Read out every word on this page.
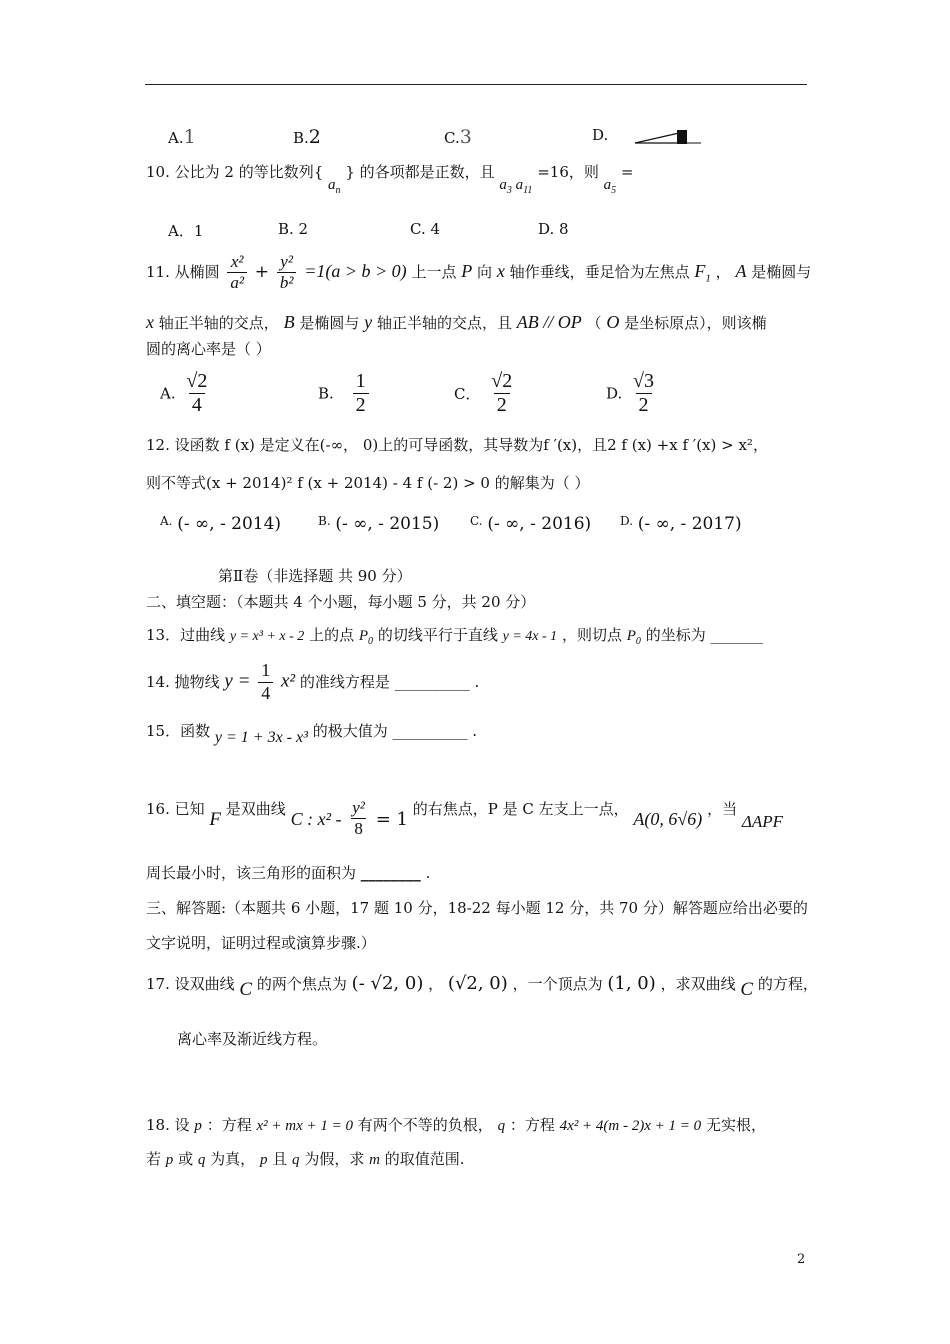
A.1	B.2	C.3	D.
10. 公比为 2 的等比数列{ $a_n$ } 的各项都是正数，且 $a_3$ $a_{11} =16$，则 $a_5$ =
A．1	B. 2	C. 4	D. 8
11. 从椭圆 $\frac{\text{x²}}{\text{a²}} + \frac{\text{y²}}{\text{b²}} =1(a > b > 0)$ 上一点 P 向 x 轴作垂线，垂足恰为左焦点 $F_1$ ， A 是椭圆与
x 轴正半轴的交点， B 是椭圆与 y 轴正半轴的交点，且 AB // OP （ O 是坐标原点），则该椭
圆的离心率是（ ）
A. $\frac{√2}{4}$	B. $\frac{1}{2}$	C． $\frac{√2}{2}$	D. $\frac{√3}{2}$
12. 设函数 f (x) 是定义在(-∞， 0)上的可导函数，其导数为f ′(x)，且2 f (x) +x f ′(x) > x²，
则不等式(x + 2014)² f (x + 2014) - 4 f (- 2) > 0 的解集为（ ）
$^{A.}$ (- ∞, - 2014)	$^{B.}$ (- ∞, - 2015)	$^{C.}$ (- ∞, - 2016) $^{D.}$ (- ∞, - 2017)
第Ⅱ卷（非选择题 共 90 分）
二、填空题：（本题共 4 个小题，每小题 5 分，共 20 分）
13．过曲线 y = x³ + x - 2 上的点 $P_0$ 的切线平行于直线 y = 4x - 1 ，则切点 $P_0$ 的坐标为 _______
14. 抛物线 $y = \frac{1}{4} x^2$ 的准线方程是 __________ .
15．函数 y = 1 + 3x - x³ 的极大值为 __________ .
16. 已知 F 是双曲线 C : $x^2 - \frac{\text{y²}}{8} = 1$ 的右焦点，P 是 C 左支上一点， A(0, 6√6) ，当 ΔAPF
周长最小时，该三角形的面积为 ________ .
三、解答题:（本题共 6 小题，17 题 10 分，18-22 每小题 12 分，共 70 分）解答题应给出必要的
文字说明，证明过程或演算步骤.）
17. 设双曲线 C 的两个焦点为 (- √2, 0) ， (√2, 0) ，一个顶点为 (1, 0) ，求双曲线 C 的方程，
离心率及渐近线方程。
18. 设 p ：方程 x² + mx + 1 = 0 有两个不等的负根， q ：方程 4x² + 4(m - 2)x + 1 = 0 无实根，
若 p 或 q 为真， p 且 q 为假，求 m 的取值范围.
2
